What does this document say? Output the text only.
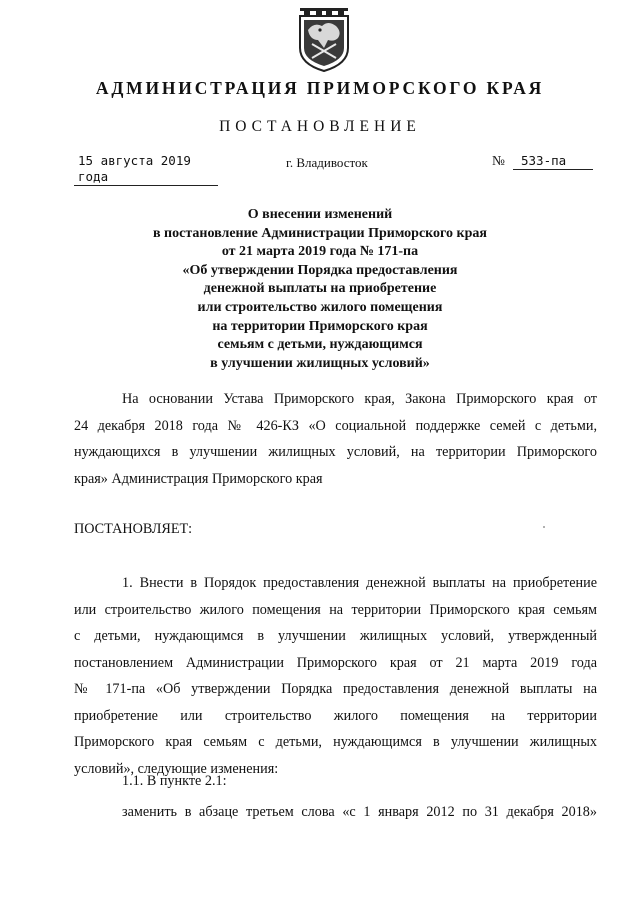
АДМИНИСТРАЦИЯ ПРИМОРСКОГО КРАЯ
ПОСТАНОВЛЕНИЕ
15 августа 2019 года
г. Владивосток	№	533-па
О внесении изменений
в постановление Администрации Приморского края
от 21 марта 2019 года № 171-па
«Об утверждении Порядка предоставления
денежной выплаты на приобретение
или строительство жилого помещения
на территории Приморского края
семьям с детьми, нуждающимся
в улучшении жилищных условий»
На основании Устава Приморского края, Закона Приморского края от
24 декабря 2018 года № 426-КЗ «О социальной поддержке семей с детьми,
нуждающихся в улучшении жилищных условий, на территории Приморского
края» Администрация Приморского края
ПОСТАНОВЛЯЕТ:
1. Внести в Порядок предоставления денежной выплаты на приобретение
или строительство жилого помещения на территории Приморского края семьям
с детьми, нуждающимся в улучшении жилищных условий, утвержденный
постановлением Администрации Приморского края от 21 марта 2019 года
№ 171-па «Об утверждении Порядка предоставления денежной выплаты на
приобретение или строительство жилого помещения на территории
Приморского края семьям с детьми, нуждающимся в улучшении жилищных
условий», следующие изменения:
1.1. В пункте 2.1:
заменить в абзаце третьем слова «с 1 января 2012 по 31 декабря 2018»
